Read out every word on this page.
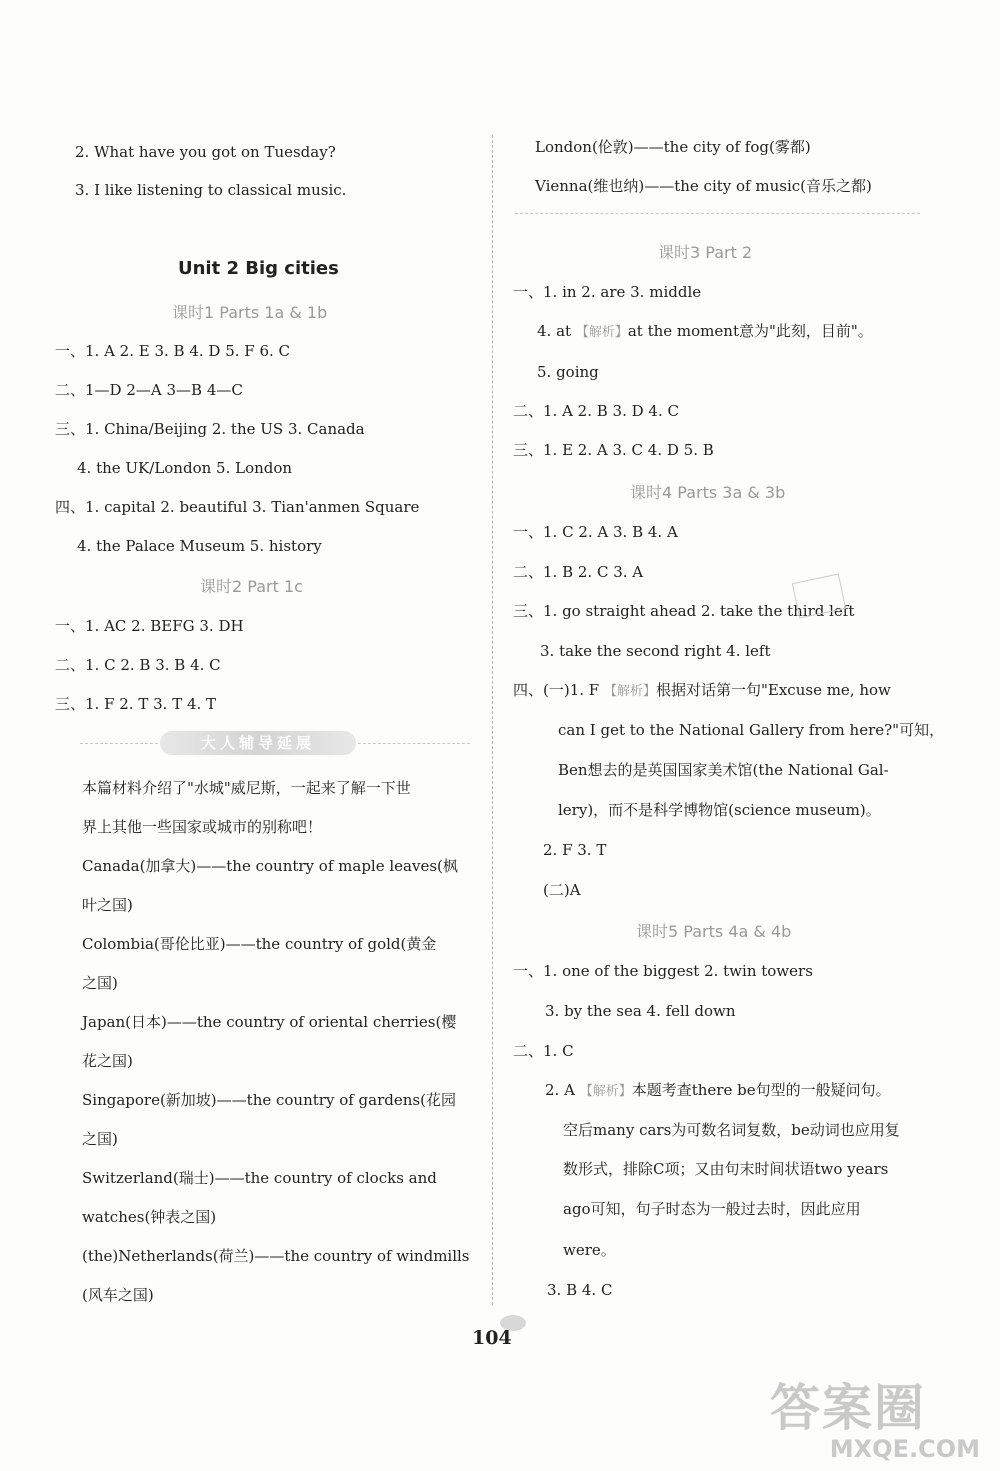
2. What have you got on Tuesday?
3. I like listening to classical music.
Unit 2 Big cities
课时1 Parts 1a & 1b
一、1. A 2. E 3. B 4. D 5. F 6. C
二、1—D 2—A 3—B 4—C
三、1. China/Beijing 2. the US 3. Canada
4. the UK/London 5. London
四、1. capital 2. beautiful 3. Tian'anmen Square
4. the Palace Museum 5. history
课时2 Part 1c
一、1. AC 2. BEFG 3. DH
二、1. C 2. B 3. B 4. C
三、1. F 2. T 3. T 4. T
大人辅导延展
本篇材料介绍了"水城"威尼斯，一起来了解一下世
界上其他一些国家或城市的别称吧！
Canada(加拿大)——the country of maple leaves(枫
叶之国)
Colombia(哥伦比亚)——the country of gold(黄金
之国)
Japan(日本)——the country of oriental cherries(樱
花之国)
Singapore(新加坡)——the country of gardens(花园
之国)
Switzerland(瑞士)——the country of clocks and
watches(钟表之国)
(the)Netherlands(荷兰)——the country of windmills
(风车之国)
London(伦敦)——the city of fog(雾都)
Vienna(维也纳)——the city of music(音乐之都)
课时3 Part 2
一、1. in 2. are 3. middle
4. at 【解析】at the moment意为"此刻，目前"。
5. going
二、1. A 2. B 3. D 4. C
三、1. E 2. A 3. C 4. D 5. B
课时4 Parts 3a & 3b
一、1. C 2. A 3. B 4. A
二、1. B 2. C 3. A
三、1. go straight ahead 2. take the third left
3. take the second right 4. left
四、(一)1. F 【解析】根据对话第一句"Excuse me, how
can I get to the National Gallery from here?"可知，
Ben想去的是英国国家美术馆(the National Gal-
lery)，而不是科学博物馆(science museum)。
2. F 3. T
(二)A
课时5 Parts 4a & 4b
一、1. one of the biggest 2. twin towers
3. by the sea 4. fell down
二、1. C
2. A 【解析】本题考查there be句型的一般疑问句。
空后many cars为可数名词复数，be动词也应用复
数形式，排除C项；又由句末时间状语two years
ago可知，句子时态为一般过去时，因此应用
were。
3. B 4. C
104
答案圈
MXQE.COM
